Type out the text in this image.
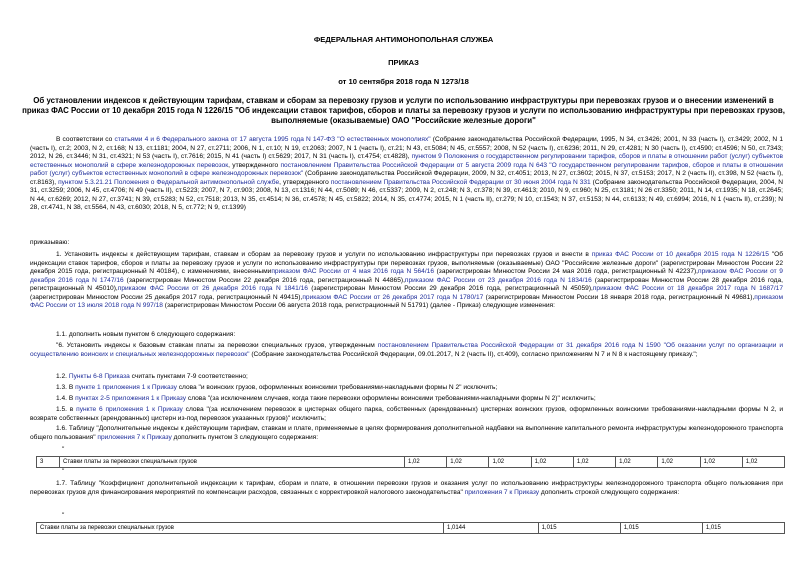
ФЕДЕРАЛЬНАЯ АНТИМОНОПОЛЬНАЯ СЛУЖБА
ПРИКАЗ
от 10 сентября 2018 года N 1273/18
Об установлении индексов к действующим тарифам, ставкам и сборам за перевозку грузов и услуги по использованию инфраструктуры при перевозках грузов и о внесении изменений в приказ ФАС России от 10 декабря 2015 года N 1226/15 "Об индексации ставок тарифов, сборов и платы за перевозку грузов и услуги по использованию инфраструктуры при перевозках грузов, выполняемые (оказываемые) ОАО "Российские железные дороги"
В соответствии со статьями 4 и 6 Федерального закона от 17 августа 1995 года N 147-ФЗ "О естественных монополиях" (Собрание законодательства Российской Федерации, 1995, N 34, ст.3426; 2001, N 33 (часть I), ст.3429; 2002, N 1 (часть I), ст.2; 2003, N 2, ст.168; N 13, ст.1181; 2004, N 27, ст.2711; 2006, N 1, ст.10; N 19, ст.2063; 2007, N 1 (часть I), ст.21; N 43, ст.5084; N 45, ст.5557; 2008, N 52 (часть I), ст.6236; 2011, N 29, ст.4281; N 30 (часть I), ст.4590; ст.4596; N 50, ст.7343; 2012, N 26, ст.3446; N 31, ст.4321; N 53 (часть I), ст.7616; 2015, N 41 (часть I) ст.5629; 2017, N 31 (часть I), ст.4754; ст.4828), пунктом 9 Положения о государственном регулировании тарифов, сборов и платы в отношении работ (услуг) субъектов естественных монополий в сфере железнодорожных перевозок, утвержденного постановлением Правительства Российской Федерации от 5 августа 2009 года N 643 "О государственном регулировании тарифов, сборов и платы в отношении работ (услуг) субъектов естественных монополий в сфере железнодорожных перевозок" (Собрание законодательства Российской Федерации, 2009, N 32, ст.4051; 2013, N 27, ст.3602; 2015, N 37, ст.5153; 2017, N 2 (часть II), ст.398, N 52 (часть I), ст.8163), пунктом 5.3.21.21 Положения о Федеральной антимонопольной службе, утвержденного постановлением Правительства Российской Федерации от 30 июня 2004 года N 331 (Собрание законодательства Российской Федерации, 2004, N 31, ст.3259; 2006, N 45, ст.4706; N 49 (часть II), ст.5223; 2007, N 7, ст.903; 2008, N 13, ст.1316; N 44, ст.5089; N 46, ст.5337; 2009, N 2, ст.248; N 3, ст.378; N 39, ст.4613; 2010, N 9, ст.960; N 25, ст.3181; N 26 ст.3350; 2011, N 14, ст.1935; N 18, ст.2645; N 44, ст.6269; 2012, N 27, ст.3741; N 39, ст.5283; N 52, ст.7518; 2013, N 35, ст.4514; N 36, ст.4578; N 45, ст.5822; 2014, N 35, ст.4774; 2015, N 1 (часть II), ст.279; N 10, ст.1543; N 37, ст.5153; N 44, ст.6133; N 49, ст.6994; 2016, N 1 (часть II), ст.239); N 28, ст.4741, N 38, ст.5564, N 43, ст.6030; 2018, N 5, ст.772; N 9, ст.1399)
приказываю:
1. Установить индексы к действующим тарифам, ставкам и сборам за перевозку грузов и услуги по использованию инфраструктуры при перевозках грузов и внести в приказ ФАС России от 10 декабря 2015 года N 1226/15 "Об индексации ставок тарифов, сборов и платы за перевозку грузов и услуги по использованию инфраструктуры при перевозках грузов, выполняемые (оказываемые) ОАО "Российские железные дороги" (зарегистрирован Минюстом России 22 декабря 2015 года, регистрационный N 40184), с изменениями, внесеннымиприказом ФАС России от 4 мая 2016 года N 564/16 (зарегистрирован Минюстом России 24 мая 2016 года, регистрационный N 42237),приказом ФАС России от 9 декабря 2016 года N 1747/16 (зарегистрирован Минюстом России 22 декабря 2016 года, регистрационный N 44865),приказом ФАС России от 23 декабря 2016 года N 1834/16 (зарегистрирован Минюстом России 28 декабря 2016 года, регистрационный N 45010),приказом ФАС России от 26 декабря 2016 года N 1841/16 (зарегистрирован Минюстом России 29 декабря 2016 года, регистрационный N 45059),приказом ФАС России от 18 декабря 2017 года N 1687/17 (зарегистрирован Минюстом России 25 декабря 2017 года, регистрационный N 49415),приказом ФАС России от 26 декабря 2017 года N 1780/17 (зарегистрирован Минюстом России 18 января 2018 года, регистрационный N 49681),приказом ФАС России от 13 июля 2018 года N 997/18 (зарегистрирован Минюстом России 06 августа 2018 года, регистрационный N 51791) (далее - Приказ) следующие изменения:
1.1. дополнить новым пунктом 6 следующего содержания:
"6. Установить индексы к базовым ставкам платы за перевозки специальных грузов, утвержденным постановлением Правительства Российской Федерации от 31 декабря 2016 года N 1590 "Об оказании услуг по организации и осуществлению воинских и специальных железнодорожных перевозок" (Собрание законодательства Российской Федерации, 09.01.2017, N 2 (часть II), ст.409), согласно приложениям N 7 и N 8 к настоящему приказу.";
1.2. Пункты 6-8 Приказа считать пунктами 7-9 соответственно;
1.3. В пункте 1 приложения 1 к Приказу слова "и воинских грузов, оформленных воинскими требованиями-накладными формы N 2" исключить;
1.4. В пунктах 2-5 приложения 1 к Приказу слова "(за исключением случаев, когда такие перевозки оформлены воинскими требованиями-накладными формы N 2)" исключить;
1.5. в пункте 6 приложения 1 к Приказу слова "(за исключением перевозок в цистернах общего парка, собственных (арендованных) цистернах воинских грузов, оформленных воинскими требованиями-накладными формы N 2, и возврате собственных (арендованных) цистерн из-под перевозок указанных грузов)" исключить;
1.6. Таблицу "Дополнительные индексы к действующим тарифам, ставкам и плате, применяемые в целях формирования дополнительной надбавки на выполнение капитального ремонта инфраструктуры железнодорожного транспорта общего пользования" приложения 7 к Приказу дополнить пунктом 3 следующего содержания:
"
3	Ставки платы за перевозки специальных грузов	1,02	1,02	1,02	1,02	1,02	1,02	1,02	1,02	1,02
"
1.7. Таблицу "Коэффициент дополнительной индексации к тарифам, сборам и плате, в отношении перевозки грузов и оказания услуг по использованию инфраструктуры железнодорожного транспорта общего пользования при перевозках грузов для финансирования мероприятий по компенсации расходов, связанных с корректировкой налогового законодательства" приложения 7 к Приказу дополнить строкой следующего содержания:
"
Ставки платы за перевозки специальных грузов	1,0144	1,015	1,015	1,015
